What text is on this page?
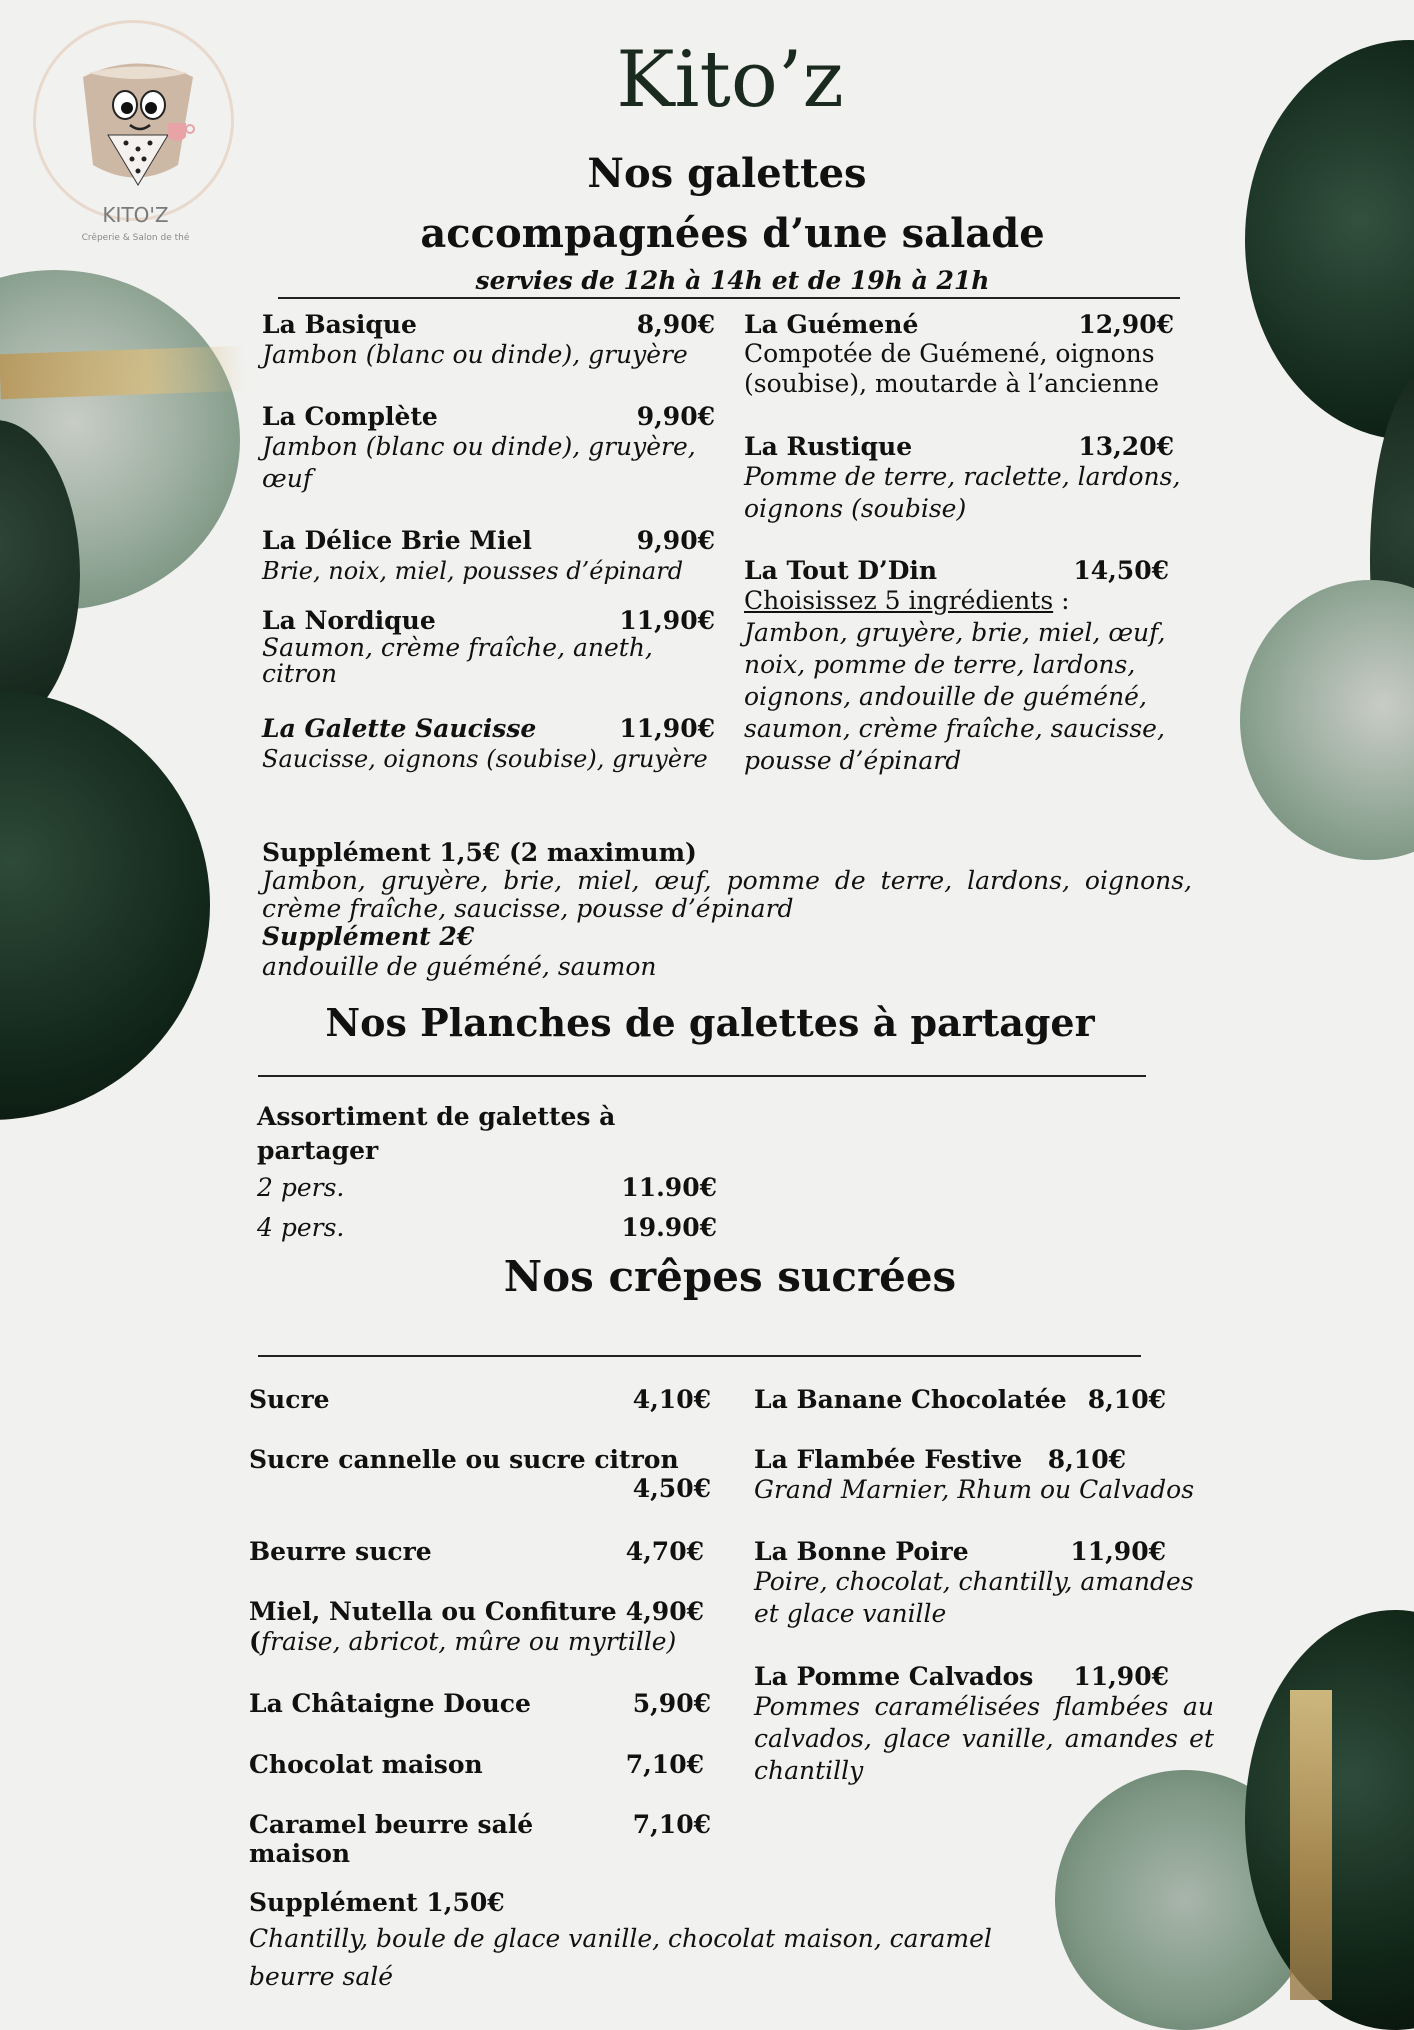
KITO'Z
Crêperie & Salon de thé
Kito’z
Nos galettes
accompagnées d’une salade
servies de 12h à 14h et de 19h à 21h
La Basique	8,90€
Jambon (blanc ou dinde), gruyère
La Complète	9,90€
Jambon (blanc ou dinde), gruyère, œuf
La Délice Brie Miel	9,90€
Brie, noix, miel, pousses d’épinard
La Nordique	11,90€
Saumon, crème fraîche, aneth, citron
La Galette Saucisse	11,90€
Saucisse, oignons (soubise), gruyère
La Guémené	12,90€
Compotée de Guémené, oignons (soubise), moutarde à l’ancienne
La Rustique	13,20€
Pomme de terre, raclette, lardons, oignons (soubise)
La Tout D’Din	14,50€
Choisissez 5 ingrédients :
Jambon, gruyère, brie, miel, œuf, noix, pomme de terre, lardons, oignons, andouille de guéméné, saumon, crème fraîche, saucisse, pousse d’épinard
Supplément 1,5€ (2 maximum)
Jambon, gruyère, brie, miel, œuf, pomme de terre, lardons, oignons, crème fraîche, saucisse, pousse d’épinard
Supplément 2€
andouille de guéméné, saumon
Nos Planches de galettes à partager
Assortiment de galettes à partager
2 pers.	11.90€
4 pers.	19.90€
Nos crêpes sucrées
Sucre	4,10€
Sucre cannelle ou sucre citron
4,50€
Beurre sucre	4,70€
Miel, Nutella ou Confiture 4,90€
(fraise, abricot, mûre ou myrtille)
La Châtaigne Douce	5,90€
Chocolat maison	7,10€
Caramel beurre salé maison
7,10€
La Banane Chocolatée 8,10€
La Flambée Festive 8,10€
Grand Marnier, Rhum ou Calvados
La Bonne Poire	11,90€
Poire, chocolat, chantilly, amandes et glace vanille
La Pomme Calvados 11,90€
Pommes caramélisées flambées au calvados, glace vanille, amandes et chantilly
Supplément 1,50€
Chantilly, boule de glace vanille, chocolat maison, caramel beurre salé
